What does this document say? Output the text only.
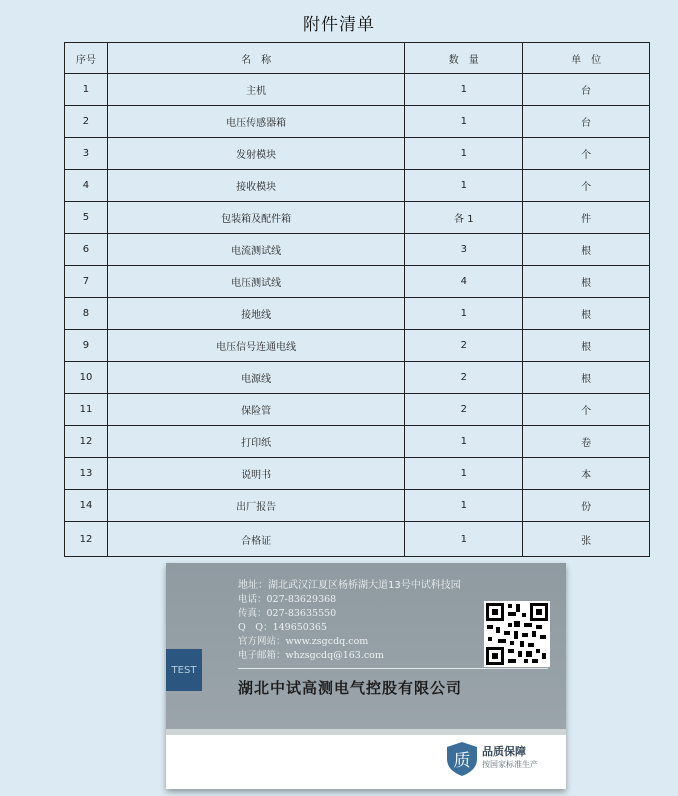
附件清单
序号	名　称	数　量	单　位
1	主机	1	台
2	电压传感器箱	1	台
3	发射模块	1	个
4	接收模块	1	个
5	包装箱及配件箱	各 1	件
6	电流测试线	3	根
7	电压测试线	4	根
8	接地线	1	根
9	电压信号连通电线	2	根
10	电源线	2	根
11	保险管	2	个
12	打印纸	1	卷
13	说明书	1	本
14	出厂报告	1	份
12	合格证	1	张
TEST
地址：湖北武汉江夏区杨桥湖大道13号中试科技园
电话：027-83629368
传真：027-83635550
Q　Q：149650365
官方网站：www.zsgcdq.com
电子邮箱：whzsgcdq@163.com
湖北中试高测电气控股有限公司
质 品质保障
按国家标准生产
